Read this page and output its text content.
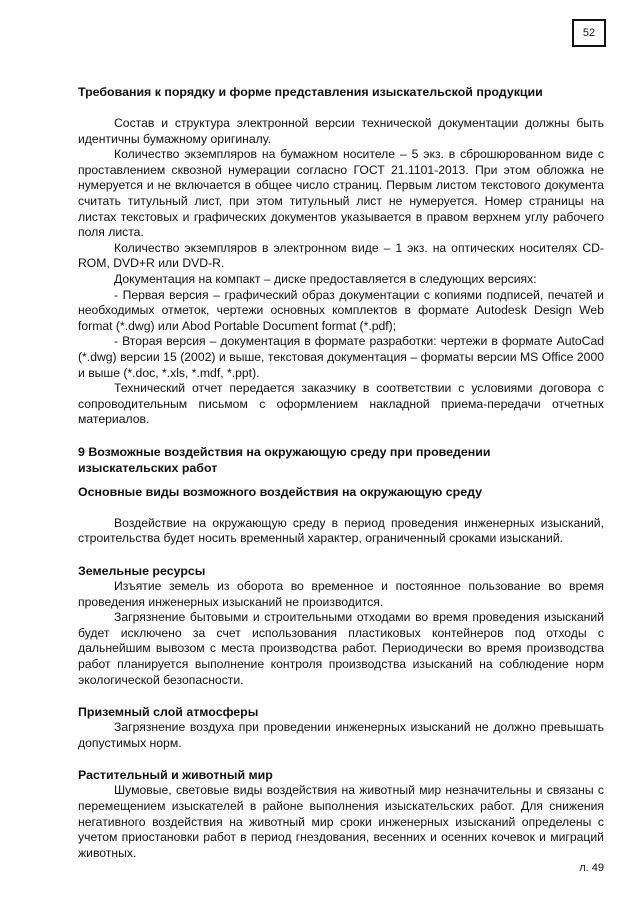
52
Требования к порядку и форме представления изыскательской продукции

Состав и структура электронной версии технической документации должны быть идентичны бумажному оригиналу.

Количество экземпляров на бумажном носителе – 5 экз. в сброшюрованном виде с проставлением сквозной нумерации согласно ГОСТ 21.1101-2013. При этом обложка не нумеруется и не включается в общее число страниц. Первым листом текстового документа считать титульный лист, при этом титульный лист не нумеруется. Номер страницы на листах текстовых и графических документов указывается в правом верхнем углу рабочего поля листа.

Количество экземпляров в электронном виде – 1 экз. на оптических носителях CD-ROM, DVD+R или DVD-R.

Документация на компакт – диске предоставляется в следующих версиях:

- Первая версия – графический образ документации с копиями подписей, печатей и необходимых отметок, чертежи основных комплектов в формате Autodesk Design Web format (*.dwg) или Abod Portable Document format (*.pdf);

- Вторая версия – документация в формате разработки: чертежи в формате AutoCad (*.dwg) версии 15 (2002) и выше, текстовая документация – форматы версии MS Office 2000 и выше (*.doc, *.xls, *.mdf, *.ppt).

Технический отчет передается заказчику в соответствии с условиями договора с сопроводительным письмом с оформлением накладной приема-передачи отчетных материалов.

9 Возможные воздействия на окружающую среду при проведении
изыскательских работ
Основные виды возможного воздействия на окружающую среду

Воздействие на окружающую среду в период проведения инженерных изысканий, строительства будет носить временный характер, ограниченный сроками изысканий.

Земельные ресурсы

Изъятие земель из оборота во временное и постоянное пользование во время проведения инженерных изысканий не производится.

Загрязнение бытовыми и строительными отходами во время проведения изысканий будет исключено за счет использования пластиковых контейнеров под отходы с дальнейшим вывозом с места производства работ. Периодически во время производства работ планируется выполнение контроля производства изысканий на соблюдение норм экологической безопасности.

Приземный слой атмосферы

Загрязнение воздуха при проведении инженерных изысканий не должно превышать допустимых норм.

Растительный и животный мир

Шумовые, световые виды воздействия на животный мир незначительны и связаны с перемещением изыскателей в районе выполнения изыскательских работ. Для снижения негативного воздействия на животный мир сроки инженерных изысканий определены с учетом приостановки работ в период гнездования, весенних и осенних кочевок и миграций животных.

л. 49
